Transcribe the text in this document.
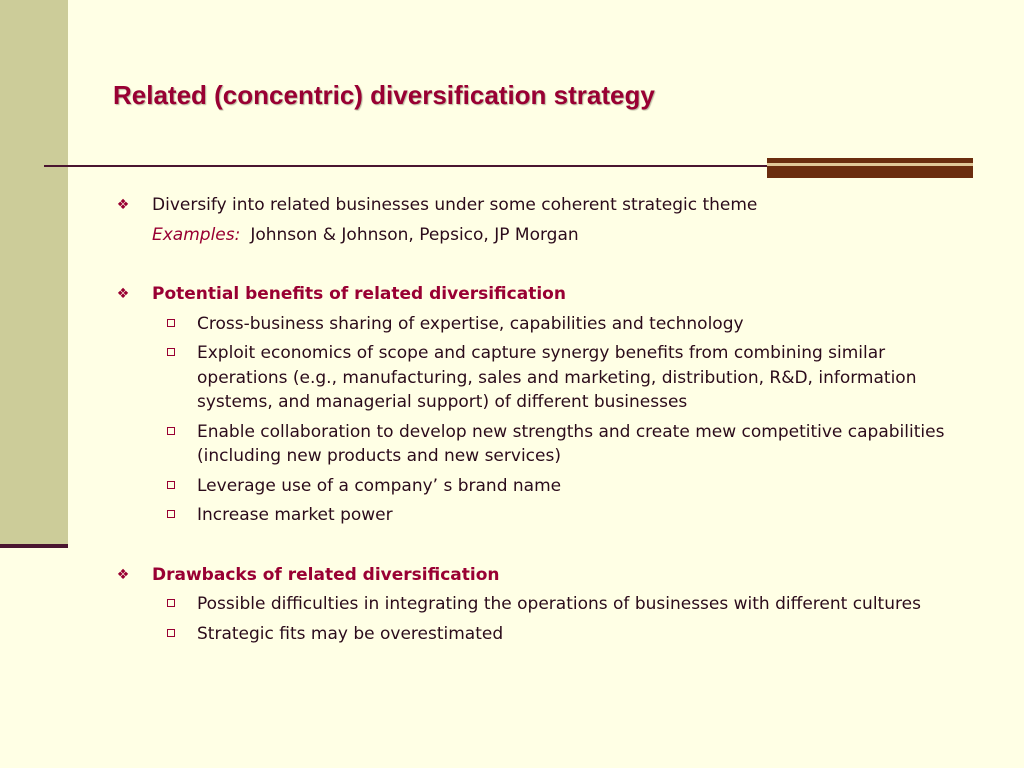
Related (concentric) diversification strategy
❖ Diversify into related businesses under some coherent strategic theme
Examples: Johnson & Johnson, Pepsico, JP Morgan
❖ Potential benefits of related diversification
Cross-business sharing of expertise, capabilities and technology
Exploit economics of scope and capture synergy benefits from combining similar operations (e.g., manufacturing, sales and marketing, distribution, R&D, information systems, and managerial support) of different businesses
Enable collaboration to develop new strengths and create mew competitive capabilities (including new products and new services)
Leverage use of a company’ s brand name
Increase market power
❖ Drawbacks of related diversification
Possible difficulties in integrating the operations of businesses with different cultures
Strategic fits may be overestimated
